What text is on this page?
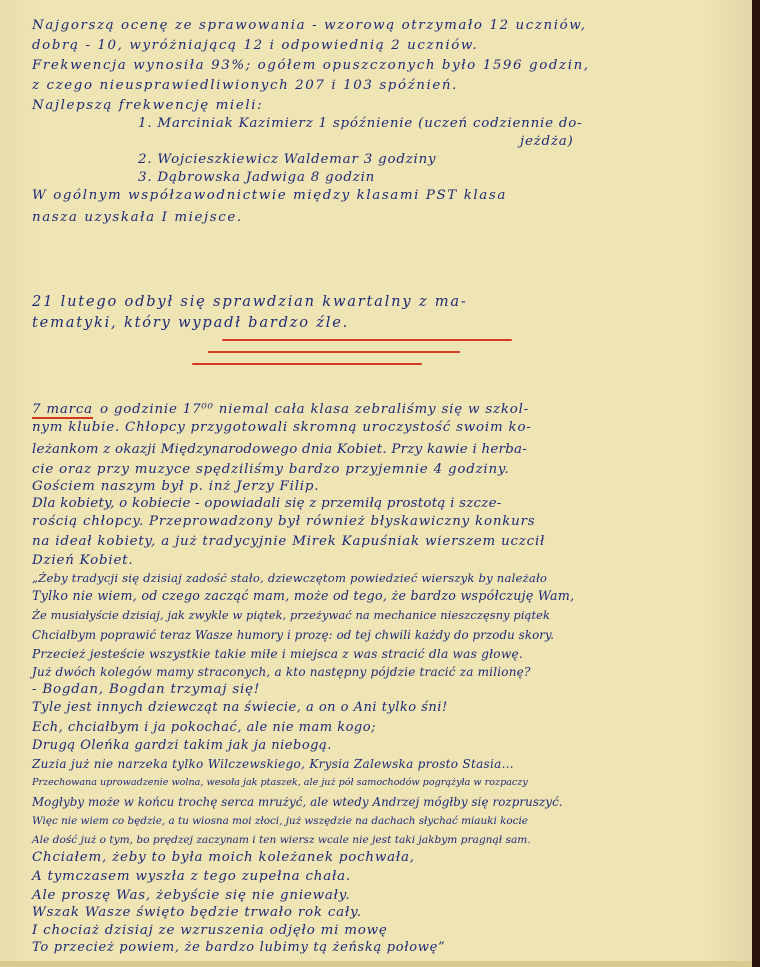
Najgorszą ocenę ze sprawowania - wzorową otrzymało 12 uczniów,
dobrą - 10, wyróżniającą 12 i odpowiednią 2 uczniów.
Frekwencja wynosiła 93%; ogółem opuszczonych było 1596 godzin,
z czego nieusprawiedliwionych 207 i 103 spóźnień.
Najlepszą frekwencję mieli:
1. Marciniak Kazimierz 1 spóźnienie (uczeń codziennie do-
jeżdża)
2. Wojcieszkiewicz Waldemar 3 godziny
3. Dąbrowska Jadwiga 8 godzin
W ogólnym współzawodnictwie między klasami PST klasa
nasza uzyskała I miejsce.
21 lutego odbył się sprawdzian kwartalny z ma-
tematyki, który wypadł bardzo źle.
7 marca o godzinie 17⁰⁰ niemal cała klasa zebraliśmy się w szkol-
nym klubie. Chłopcy przygotowali skromną uroczystość swoim ko-
leżankom z okazji Międzynarodowego dnia Kobiet. Przy kawie i herba-
cie oraz przy muzyce spędziliśmy bardzo przyjemnie 4 godziny.
Gościem naszym był p. inż Jerzy Filip.
Dla kobiety, o kobiecie - opowiadali się z przemiłą prostotą i szcze-
rością chłopcy. Przeprowadzony był również błyskawiczny konkurs
na ideał kobiety, a już tradycyjnie Mirek Kapuśniak wierszem uczcił
Dzień Kobiet.
„Żeby tradycji się dzisiaj zadość stało, dziewczętom powiedzieć wierszyk by należało
Tylko nie wiem, od czego zacząć mam, może od tego, że bardzo współczuję Wam,
Że musiałyście dzisiaj, jak zwykle w piątek, przeżywać na mechanice nieszczęsny piątek
Chciałbym poprawić teraz Wasze humory i prozę: od tej chwili każdy do przodu skory.
Przecież jesteście wszystkie takie miłe i miejsca z was stracić dla was głowę.
Już dwóch kolegów mamy straconych, a kto następny pójdzie tracić za milionę?
- Bogdan, Bogdan trzymaj się!
Tyle jest innych dziewcząt na świecie, a on o Ani tylko śni!
Ech, chciałbym i ja pokochać, ale nie mam kogo;
Drugą Oleńka gardzi takim jak ja niebogą.
Zuzia już nie narzeka tylko Wilczewskiego, Krysia Zalewska prosto Stasia...
Przechowana uprowadzenie wolna, wesoła jak ptaszek, ale już pół samochodów pogrążyła w rozpaczy
Mogłyby może w końcu trochę serca mrużyć, ale wtedy Andrzej mógłby się rozpruszyć.
Więc nie wiem co będzie, a tu wiosna moi złoci, już wszędzie na dachach słychać miauki kocie
Ale dość już o tym, bo prędzej zaczynam i ten wiersz wcale nie jest taki jakbym pragnął sam.
Chciałem, żeby to była moich koleżanek pochwała,
A tymczasem wyszła z tego zupełna chała.
Ale proszę Was, żebyście się nie gniewały.
Wszak Wasze święto będzie trwało rok cały.
I chociaż dzisiaj ze wzruszenia odjęło mi mowę
To przecież powiem, że bardzo lubimy tą żeńską połowę”
